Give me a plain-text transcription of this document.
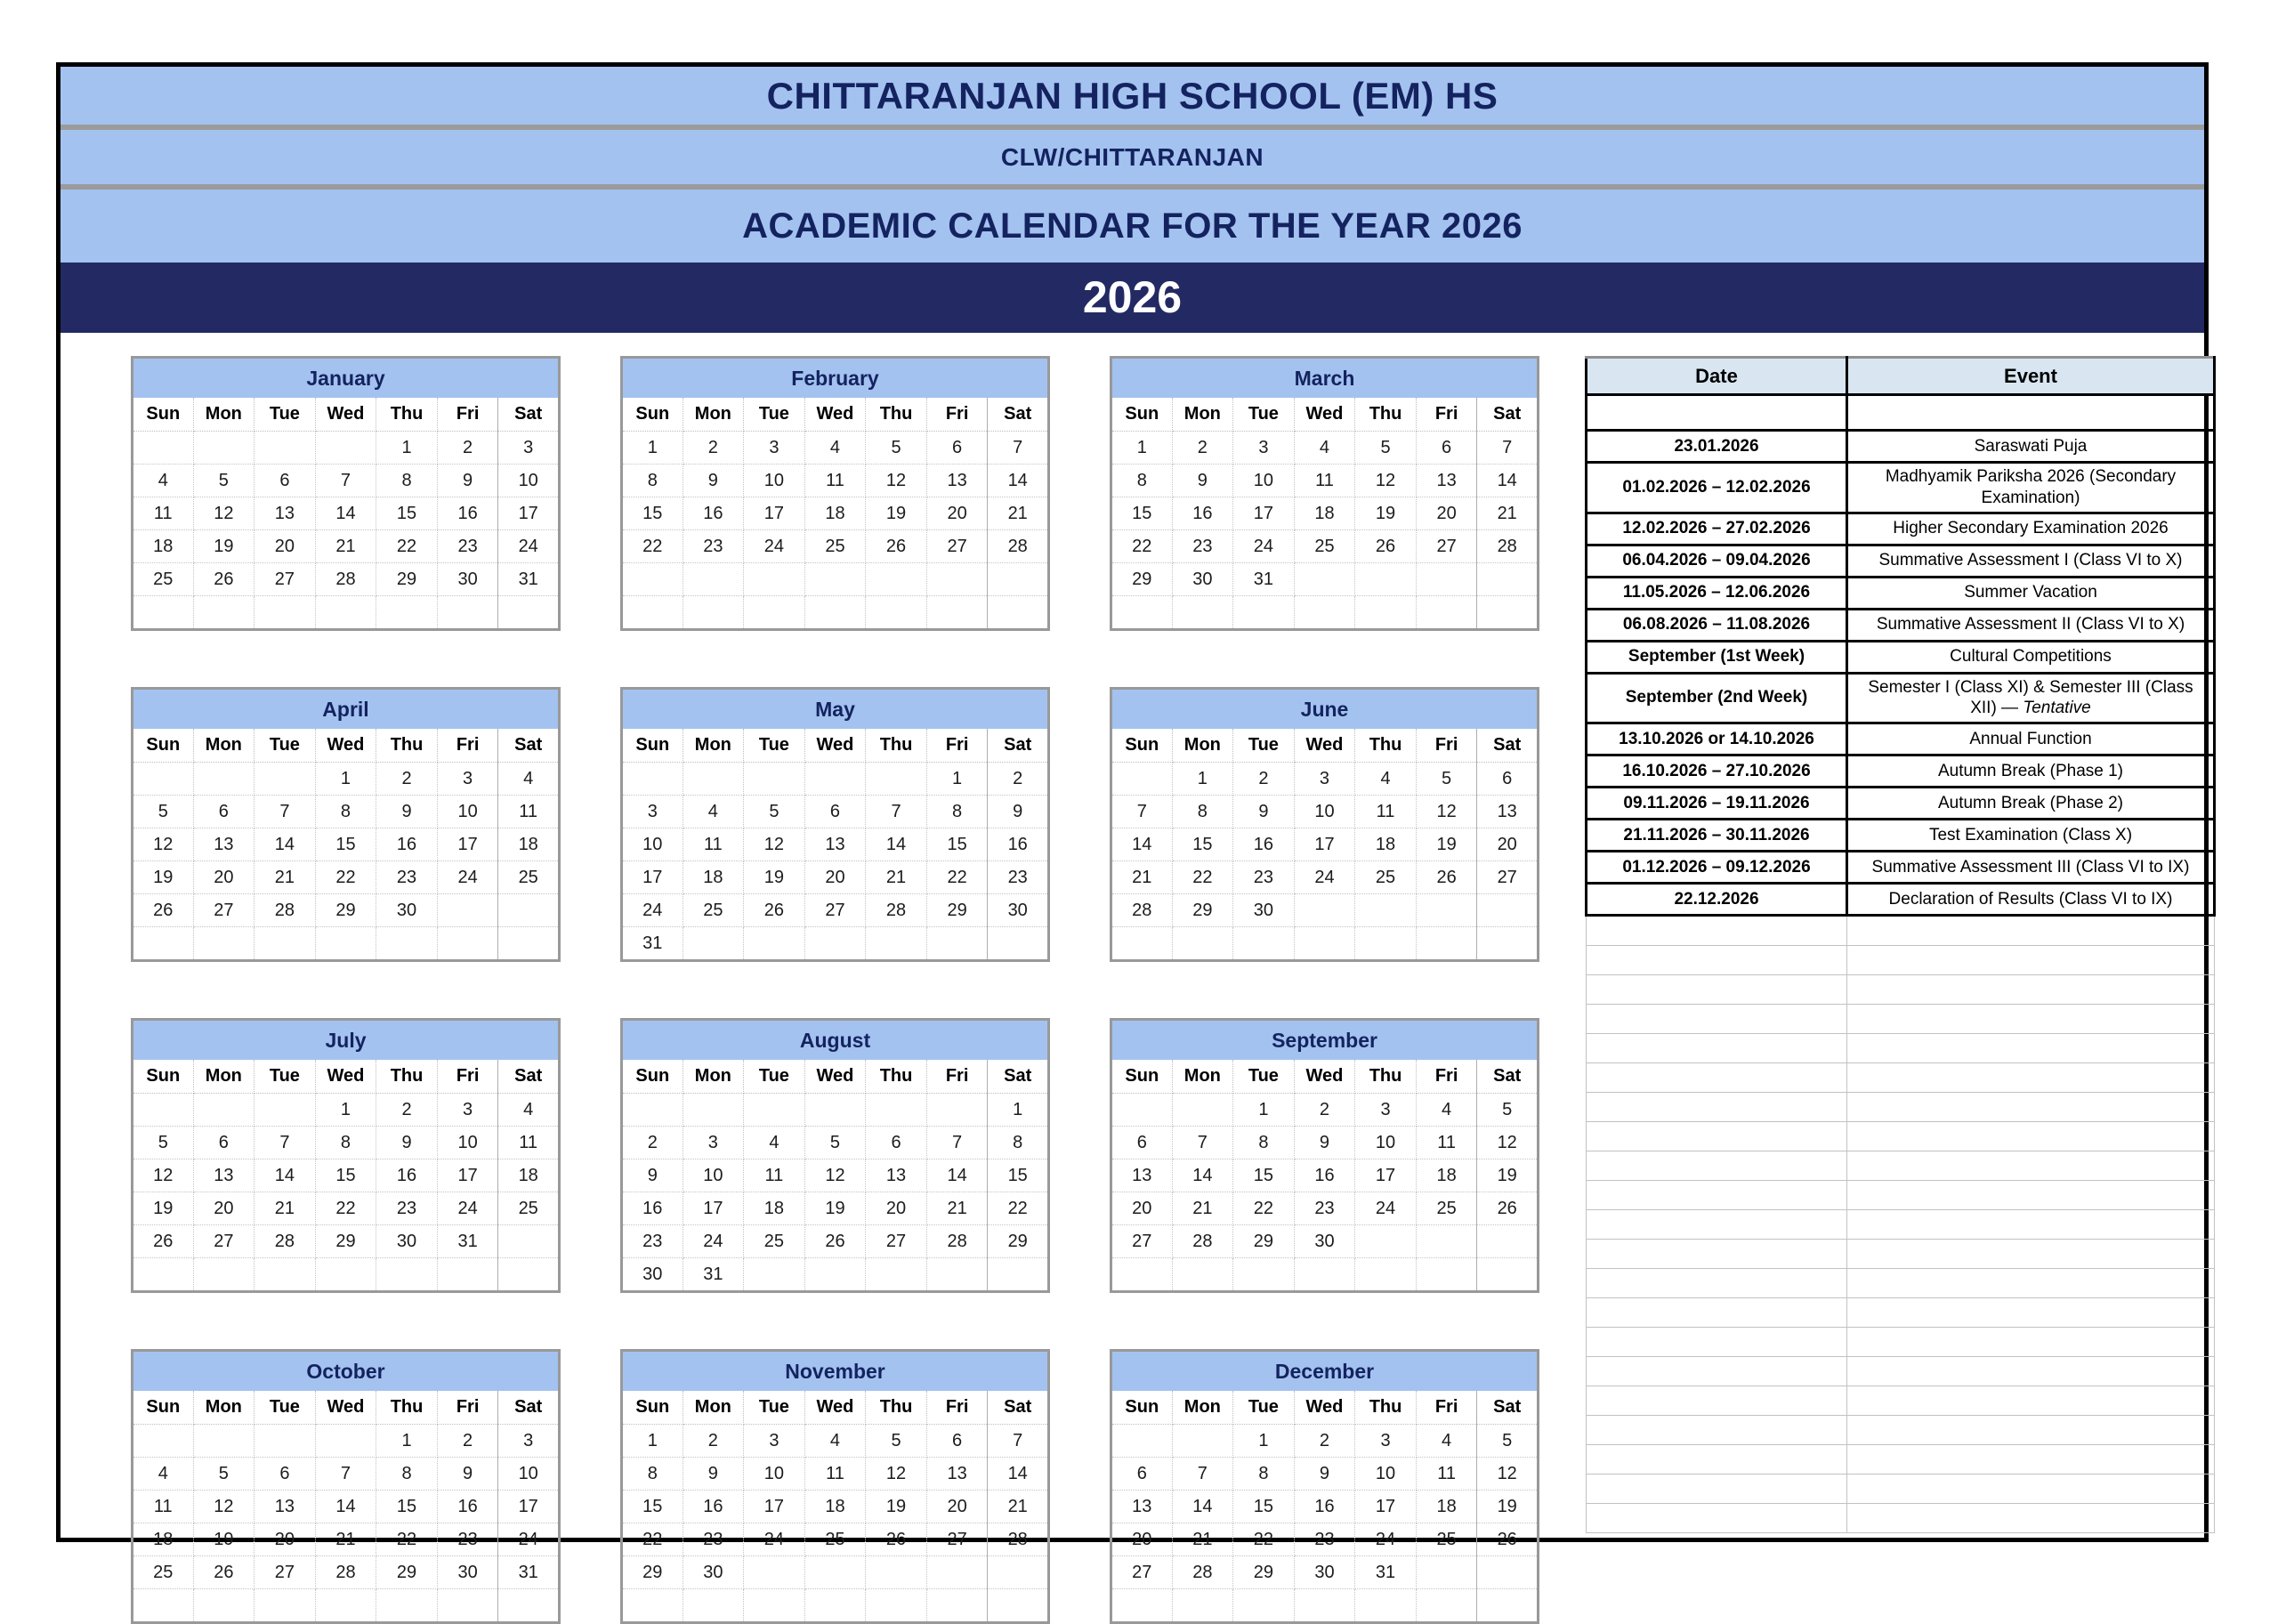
CHITTARANJAN HIGH SCHOOL (EM) HS
CLW/CHITTARANJAN
ACADEMIC CALENDAR FOR THE YEAR 2026
2026
January						
Sun	Mon	Tue	Wed	Thu	Fri	Sat
				1	2	3
4	5	6	7	8	9	10
11	12	13	14	15	16	17
18	19	20	21	22	23	24
25	26	27	28	29	30	31

February						
Sun	Mon	Tue	Wed	Thu	Fri	Sat
1	2	3	4	5	6	7
8	9	10	11	12	13	14
15	16	17	18	19	20	21
22	23	24	25	26	27	28

March						
Sun	Mon	Tue	Wed	Thu	Fri	Sat
1	2	3	4	5	6	7
8	9	10	11	12	13	14
15	16	17	18	19	20	21
22	23	24	25	26	27	28
29	30	31				

April						
Sun	Mon	Tue	Wed	Thu	Fri	Sat
			1	2	3	4
5	6	7	8	9	10	11
12	13	14	15	16	17	18
19	20	21	22	23	24	25
26	27	28	29	30		

May						
Sun	Mon	Tue	Wed	Thu	Fri	Sat
					1	2
3	4	5	6	7	8	9
10	11	12	13	14	15	16
17	18	19	20	21	22	23
24	25	26	27	28	29	30
31						
June						
Sun	Mon	Tue	Wed	Thu	Fri	Sat
	1	2	3	4	5	6
7	8	9	10	11	12	13
14	15	16	17	18	19	20
21	22	23	24	25	26	27
28	29	30				

July						
Sun	Mon	Tue	Wed	Thu	Fri	Sat
			1	2	3	4
5	6	7	8	9	10	11
12	13	14	15	16	17	18
19	20	21	22	23	24	25
26	27	28	29	30	31	

August						
Sun	Mon	Tue	Wed	Thu	Fri	Sat
						1
2	3	4	5	6	7	8
9	10	11	12	13	14	15
16	17	18	19	20	21	22
23	24	25	26	27	28	29
30	31					
September						
Sun	Mon	Tue	Wed	Thu	Fri	Sat
		1	2	3	4	5
6	7	8	9	10	11	12
13	14	15	16	17	18	19
20	21	22	23	24	25	26
27	28	29	30			

October						
Sun	Mon	Tue	Wed	Thu	Fri	Sat
				1	2	3
4	5	6	7	8	9	10
11	12	13	14	15	16	17
18	19	20	21	22	23	24
25	26	27	28	29	30	31

November						
Sun	Mon	Tue	Wed	Thu	Fri	Sat
1	2	3	4	5	6	7
8	9	10	11	12	13	14
15	16	17	18	19	20	21
22	23	24	25	26	27	28
29	30					

December						
Sun	Mon	Tue	Wed	Thu	Fri	Sat
		1	2	3	4	5
6	7	8	9	10	11	12
13	14	15	16	17	18	19
20	21	22	23	24	25	26
27	28	29	30	31		

Date	Event

23.01.2026	Saraswati Puja
01.02.2026 – 12.02.2026	Madhyamik Pariksha 2026 (Secondary Examination)
12.02.2026 – 27.02.2026	Higher Secondary Examination 2026
06.04.2026 – 09.04.2026	Summative Assessment I (Class VI to X)
11.05.2026 – 12.06.2026	Summer Vacation
06.08.2026 – 11.08.2026	Summative Assessment II (Class VI to X)
September (1st Week)	Cultural Competitions
September (2nd Week)	Semester I (Class XI) & Semester III (Class XII) — Tentative
13.10.2026 or 14.10.2026	Annual Function
16.10.2026 – 27.10.2026	Autumn Break (Phase 1)
09.11.2026 – 19.11.2026	Autumn Break (Phase 2)
21.11.2026 – 30.11.2026	Test Examination (Class X)
01.12.2026 – 09.12.2026	Summative Assessment III (Class VI to IX)
22.12.2026	Declaration of Results (Class VI to IX)
